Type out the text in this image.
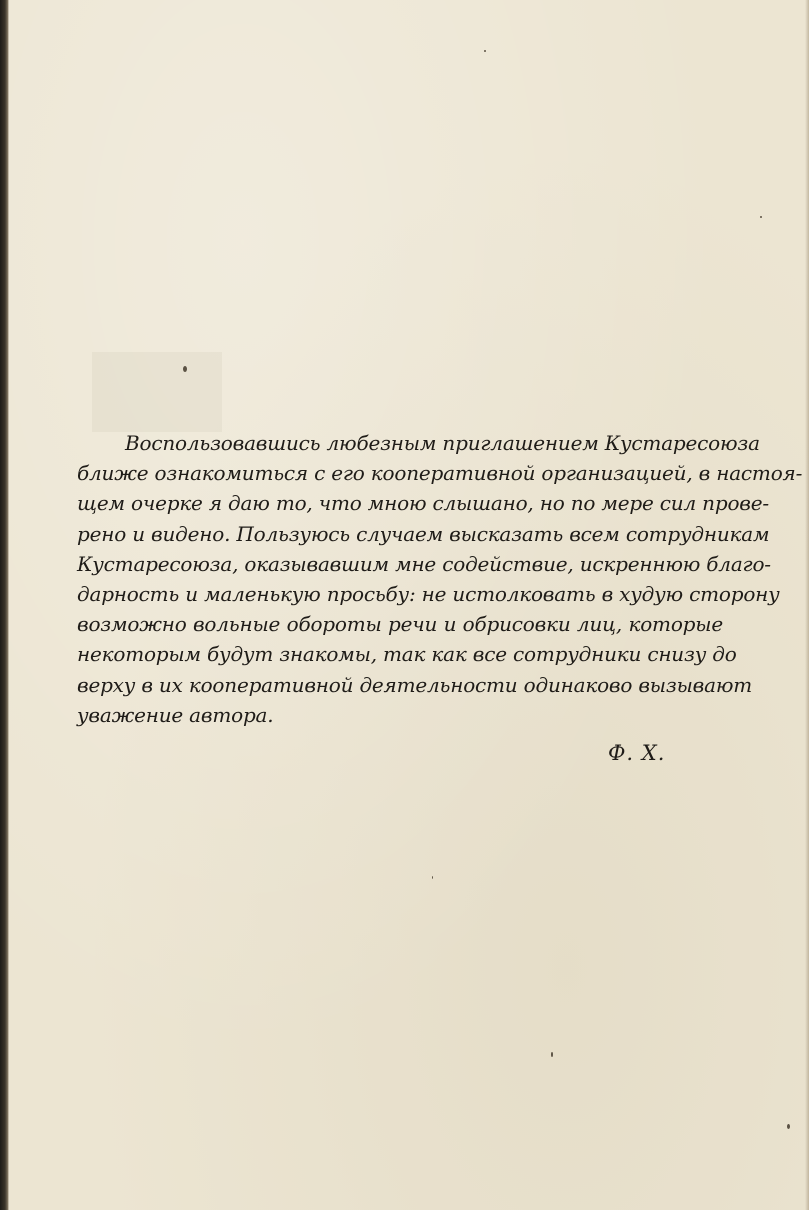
Воспользовавшись любезным приглашением Кустаресоюза
ближе ознакомиться с его кооперативной организацией, в настоя-
щем очерке я даю то, что мною слышано, но по мере сил прове-
рено и видено. Пользуюсь случаем высказать всем сотрудникам
Кустаресоюза, оказывавшим мне содействие, искреннюю благо-
дарность и маленькую просьбу: не истолковать в худую сторону
возможно вольные обороты речи и обрисовки лиц, которые
некоторым будут знакомы, так как все сотрудники снизу до
верху в их кооперативной деятельности одинаково вызывают
уважение автора.
Ф. Х.
